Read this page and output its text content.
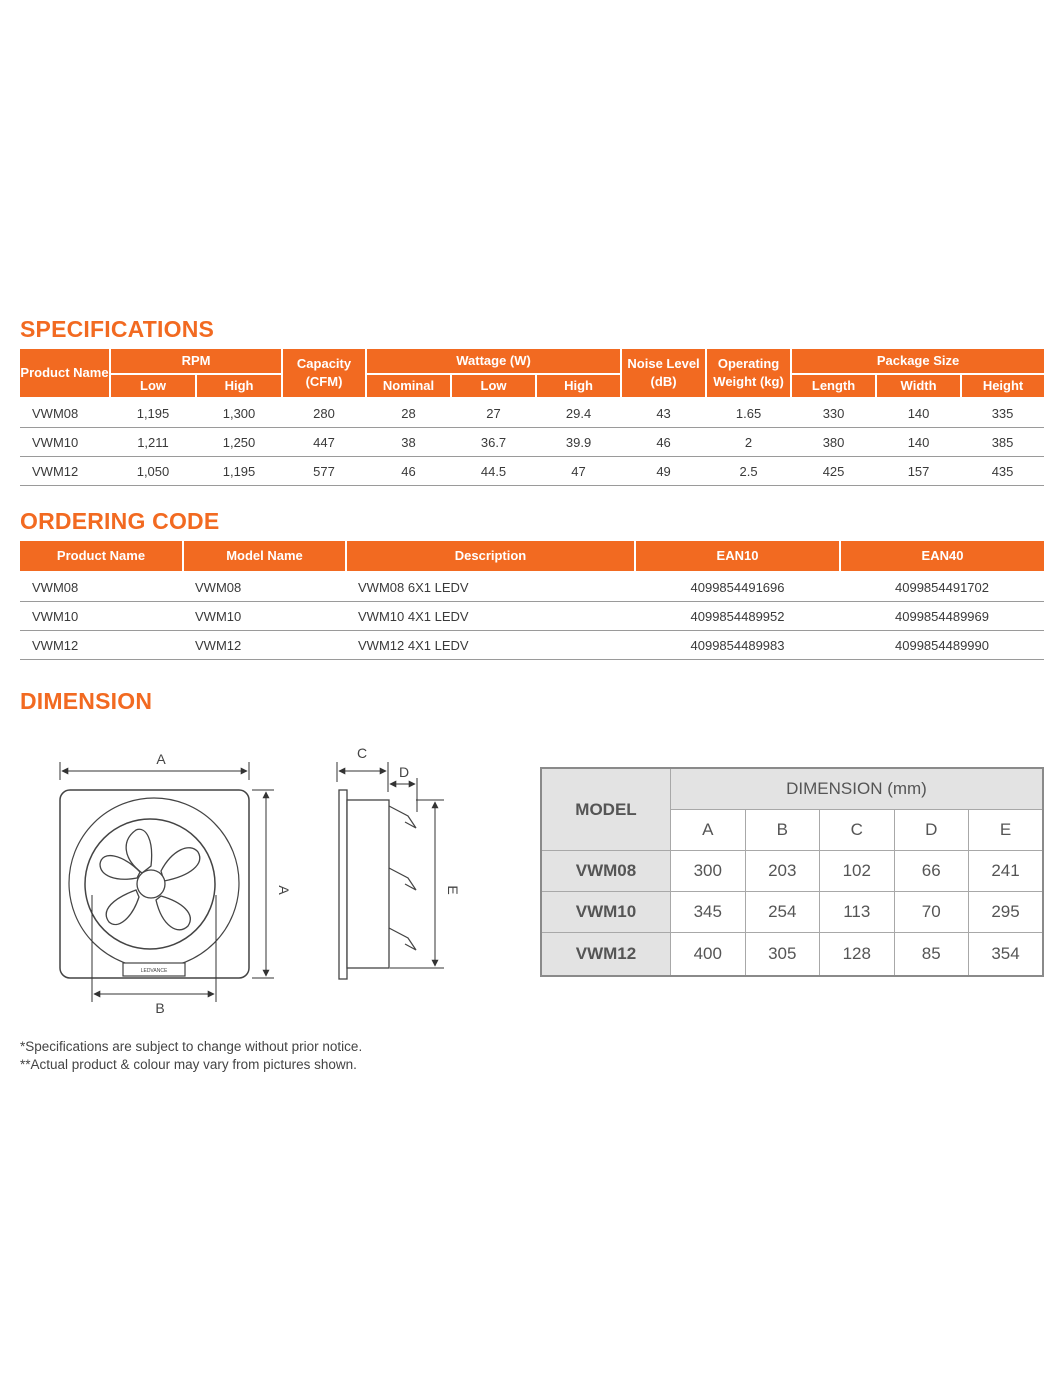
SPECIFICATIONS
Product Name	RPM		Capacity (CFM)	Wattage (W)			Noise Level (dB)	Operating Weight (kg)	Package Size		
	Low	High		Nominal	Low	High			Length	Width	Height
VWM08	1,195	1,300	280	28	27	29.4	43	1.65	330	140	335
VWM10	1,211	1,250	447	38	36.7	39.9	46	2	380	140	385
VWM12	1,050	1,195	577	46	44.5	47	49	2.5	425	157	435
ORDERING CODE
Product Name	Model Name	Description	EAN10	EAN40
VWM08	VWM08	VWM08 6X1 LEDV	4099854491696	4099854491702
VWM10	VWM10	VWM10 4X1 LEDV	4099854489952	4099854489969
VWM12	VWM12	VWM12 4X1 LEDV	4099854489983	4099854489990
DIMENSION
A
LEDVANCE
B
A
C
D
E
MODEL	DIMENSION (mm)				
	A	B	C	D	E
VWM08	300	203	102	66	241
VWM10	345	254	113	70	295
VWM12	400	305	128	85	354
*Specifications are subject to change without prior notice.
**Actual product & colour may vary from pictures shown.
